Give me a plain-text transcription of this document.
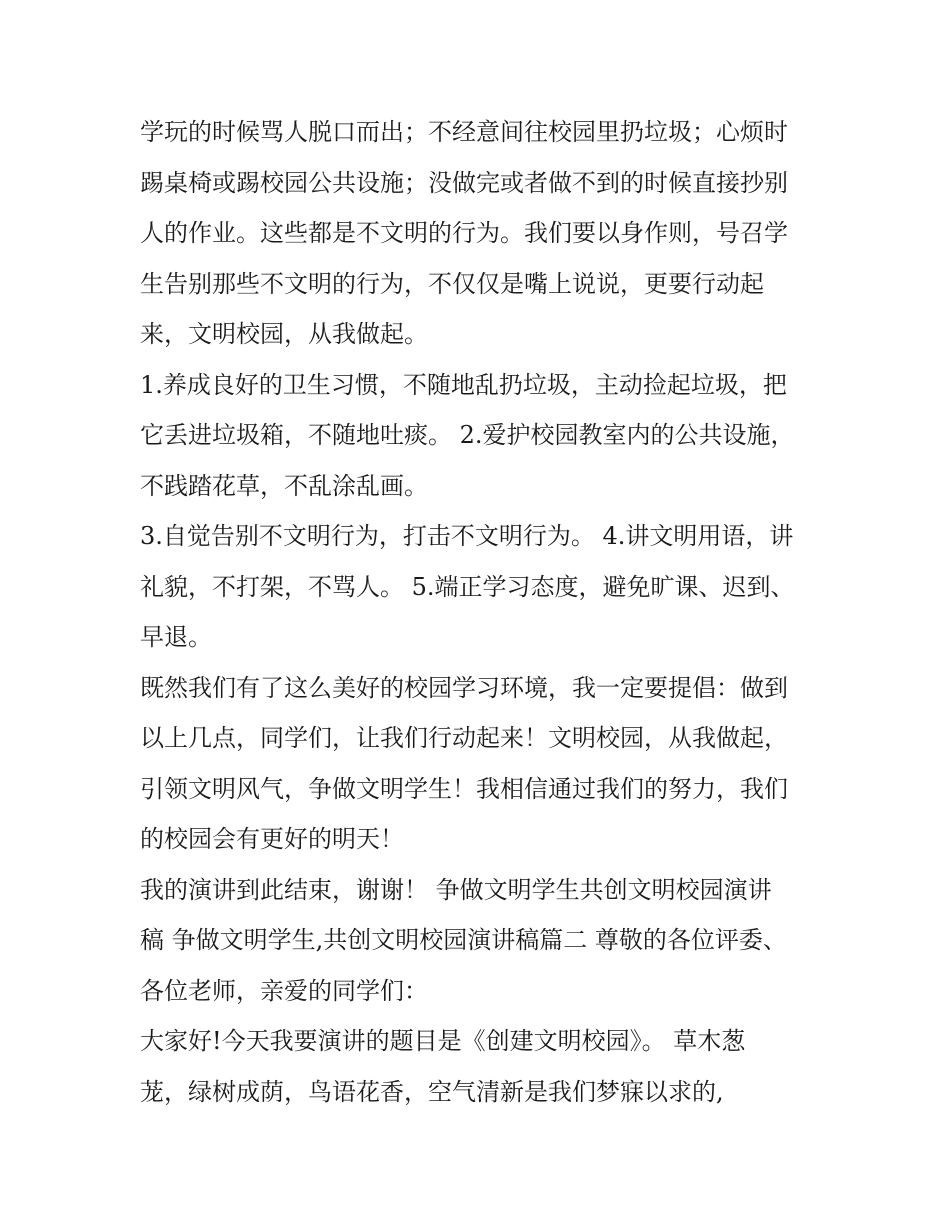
学玩的时候骂人脱口而出；不经意间往校园里扔垃圾；心烦时
踢桌椅或踢校园公共设施；没做完或者做不到的时候直接抄别
人的作业。这些都是不文明的行为。我们要以身作则，号召学
生告别那些不文明的行为，不仅仅是嘴上说说，更要行动起
来，文明校园，从我做起。
1.养成良好的卫生习惯，不随地乱扔垃圾，主动捡起垃圾，把
它丢进垃圾箱，不随地吐痰。 2.爱护校园教室内的公共设施，
不践踏花草，不乱涂乱画。
3.自觉告别不文明行为，打击不文明行为。 4.讲文明用语，讲
礼貌，不打架，不骂人。 5.端正学习态度，避免旷课、迟到、
早退。
既然我们有了这么美好的校园学习环境，我一定要提倡：做到
以上几点，同学们，让我们行动起来！文明校园，从我做起，
引领文明风气，争做文明学生！我相信通过我们的努力，我们
的校园会有更好的明天！
我的演讲到此结束，谢谢！ 争做文明学生共创文明校园演讲
稿 争做文明学生,共创文明校园演讲稿篇二 尊敬的各位评委、
各位老师，亲爱的同学们：
大家好!今天我要演讲的题目是《创建文明校园》。 草木葱
茏，绿树成荫，鸟语花香，空气清新是我们梦寐以求的,
